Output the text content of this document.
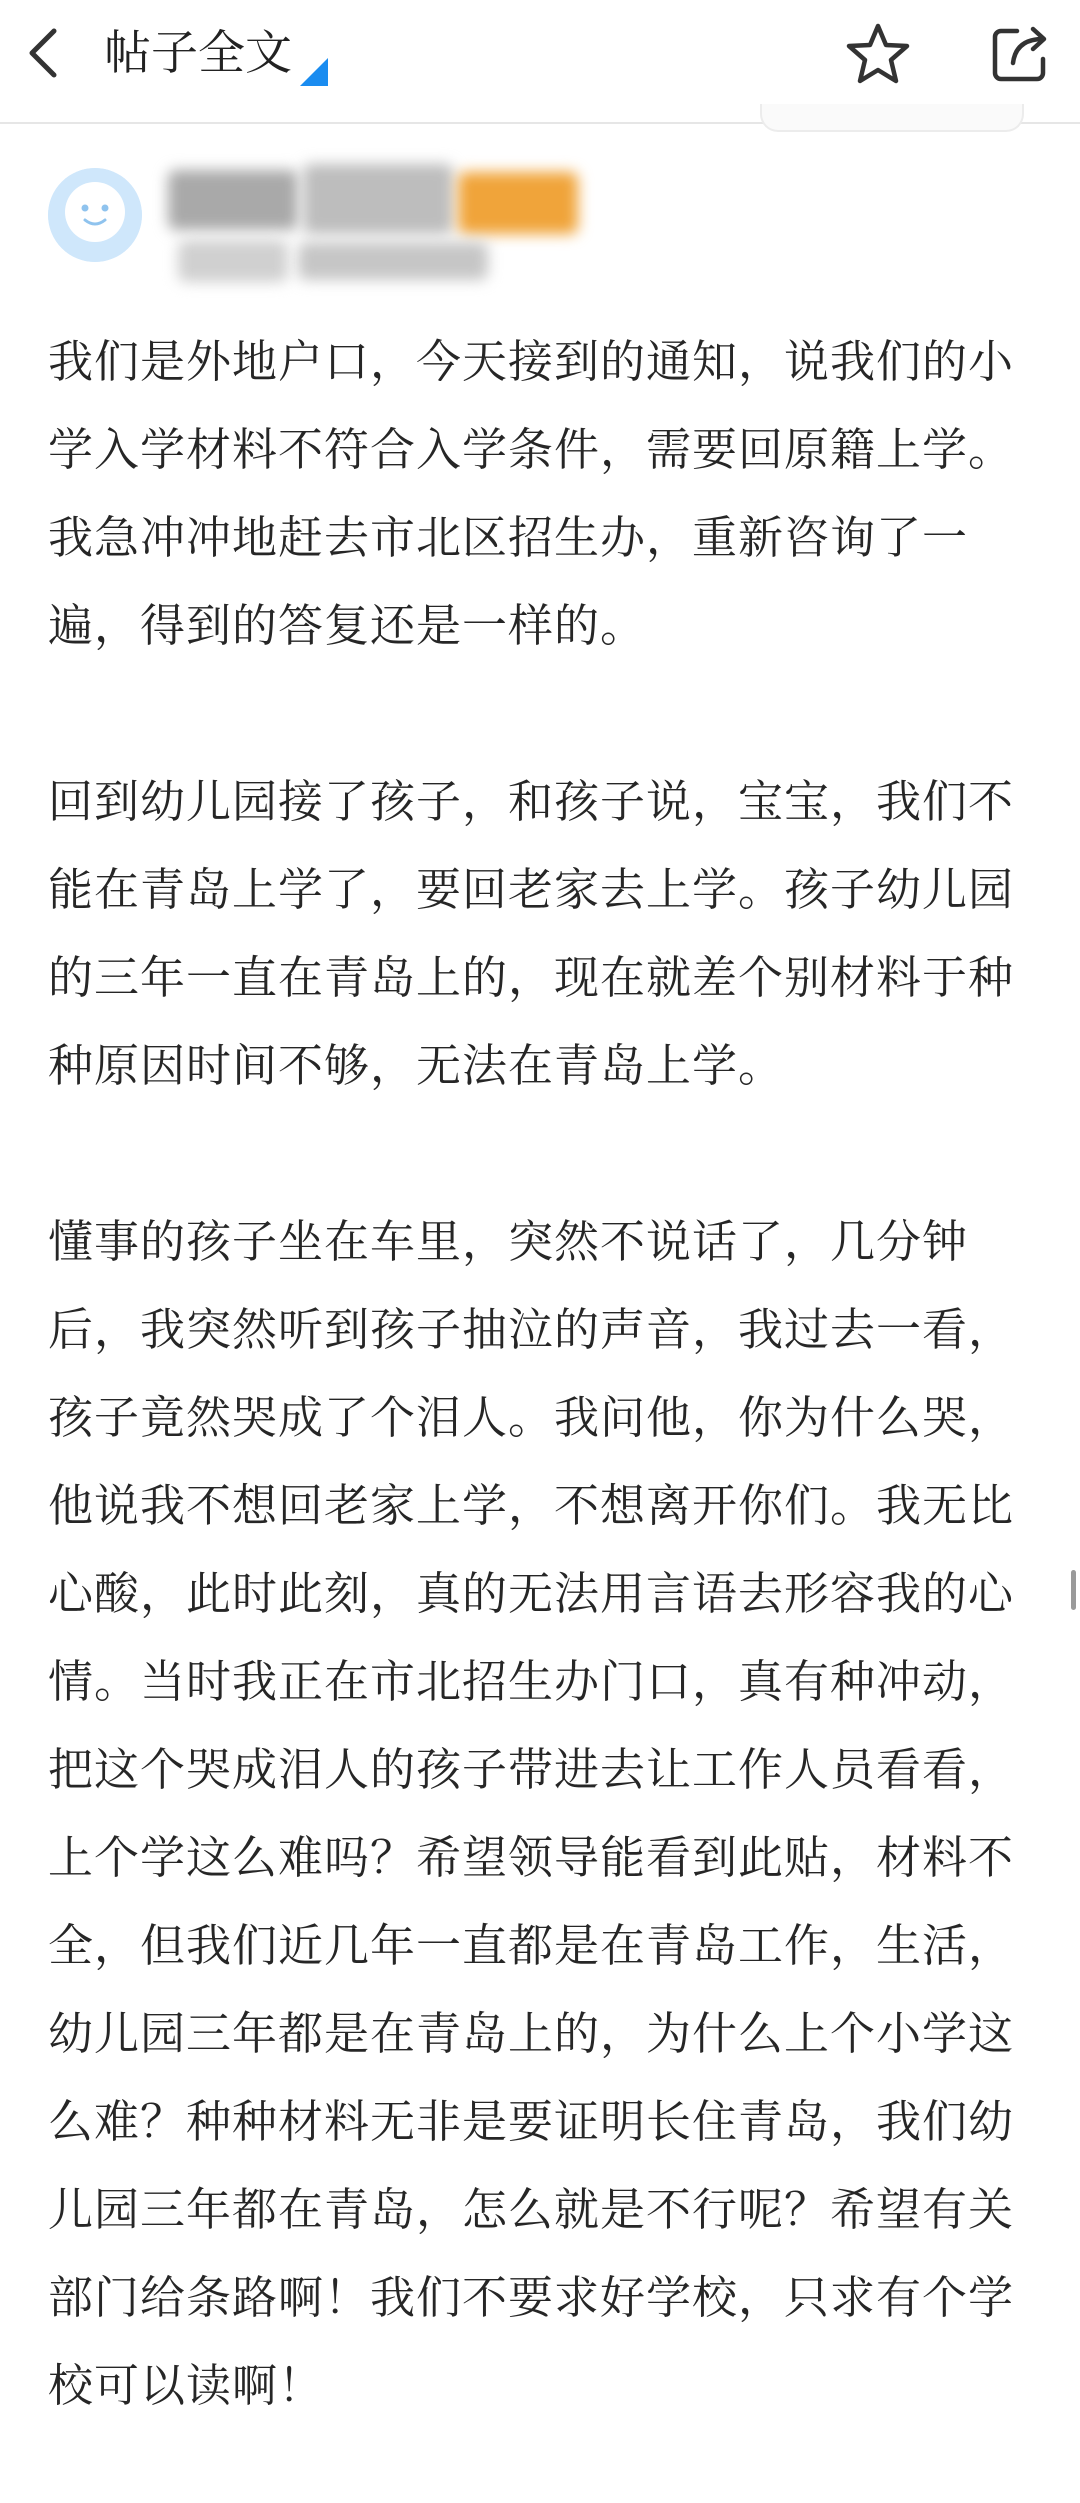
帖子全文

我们是外地户口，今天接到的通知，说我们的小学入学材料不符合入学条件，需要回原籍上学。我急冲冲地赶去市北区招生办，重新咨询了一遍，得到的答复还是一样的。

回到幼儿园接了孩子，和孩子说，宝宝，我们不能在青岛上学了，要回老家去上学。孩子幼儿园的三年一直在青岛上的，现在就差个别材料于种种原因时间不够，无法在青岛上学。

懂事的孩子坐在车里，突然不说话了，几分钟后，我突然听到孩子抽泣的声音，我过去一看，孩子竟然哭成了个泪人。我问他，你为什么哭，他说我不想回老家上学，不想离开你们。我无比心酸，此时此刻，真的无法用言语去形容我的心情。当时我正在市北招生办门口，真有种冲动，把这个哭成泪人的孩子带进去让工作人员看看，上个学这么难吗？希望领导能看到此贴，材料不全，但我们近几年一直都是在青岛工作，生活，幼儿园三年都是在青岛上的，为什么上个小学这么难？种种材料无非是要证明长住青岛，我们幼儿园三年都在青岛，怎么就是不行呢？希望有关部门给条路啊！我们不要求好学校，只求有个学校可以读啊！
